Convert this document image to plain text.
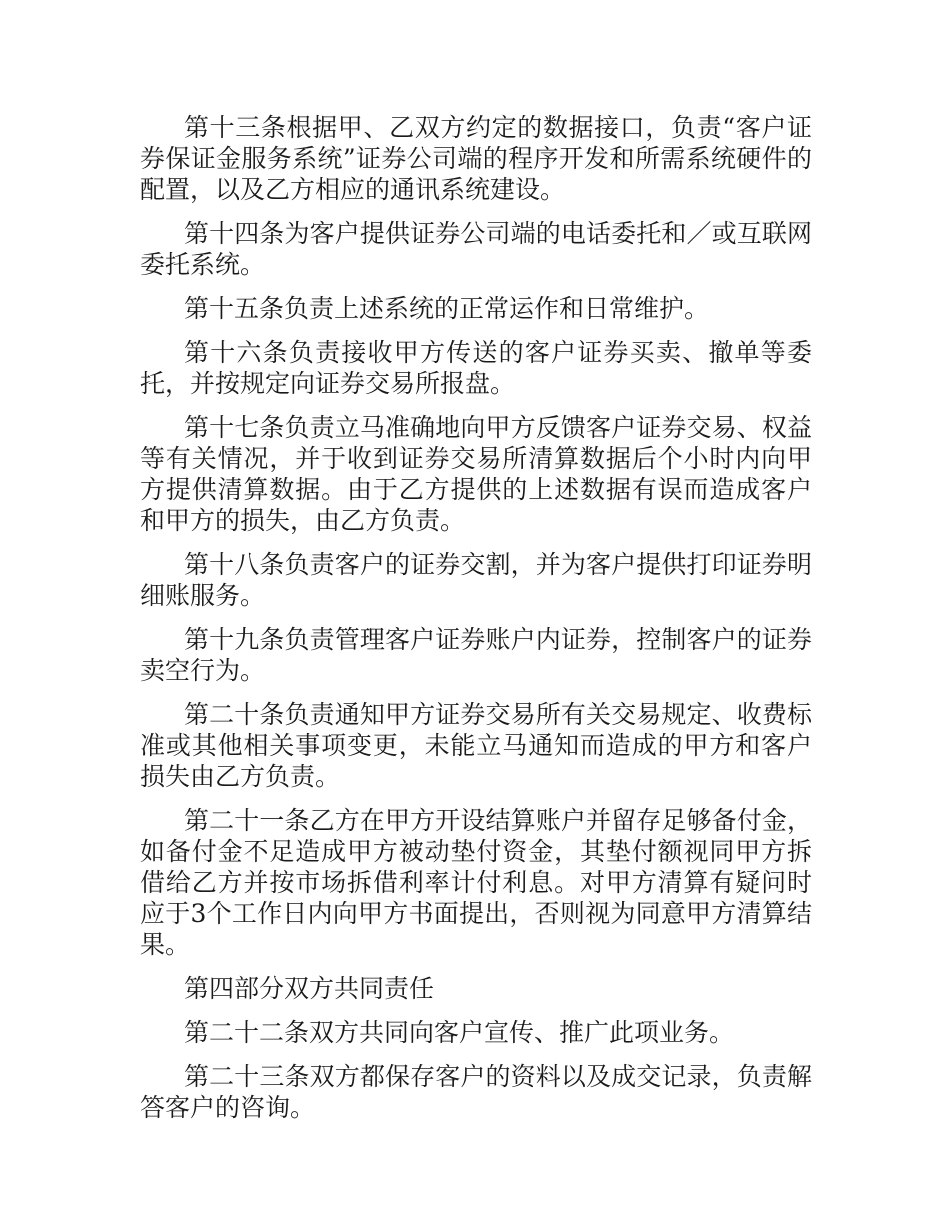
第十三条根据甲、乙双方约定的数据接口，负责“客户证券保证金服务系统”证券公司端的程序开发和所需系统硬件的配置，以及乙方相应的通讯系统建设。

第十四条为客户提供证券公司端的电话委托和／或互联网委托系统。

第十五条负责上述系统的正常运作和日常维护。

第十六条负责接收甲方传送的客户证券买卖、撤单等委托，并按规定向证券交易所报盘。

第十七条负责立马准确地向甲方反馈客户证券交易、权益等有关情况，并于收到证券交易所清算数据后个小时内向甲方提供清算数据。由于乙方提供的上述数据有误而造成客户和甲方的损失，由乙方负责。

第十八条负责客户的证券交割，并为客户提供打印证券明细账服务。

第十九条负责管理客户证券账户内证券，控制客户的证券卖空行为。

第二十条负责通知甲方证券交易所有关交易规定、收费标准或其他相关事项变更，未能立马通知而造成的甲方和客户损失由乙方负责。

第二十一条乙方在甲方开设结算账户并留存足够备付金，如备付金不足造成甲方被动垫付资金，其垫付额视同甲方拆借给乙方并按市场拆借利率计付利息。对甲方清算有疑问时应于3个工作日内向甲方书面提出，否则视为同意甲方清算结果。

第四部分双方共同责任

第二十二条双方共同向客户宣传、推广此项业务。

第二十三条双方都保存客户的资料以及成交记录，负责解答客户的咨询。
